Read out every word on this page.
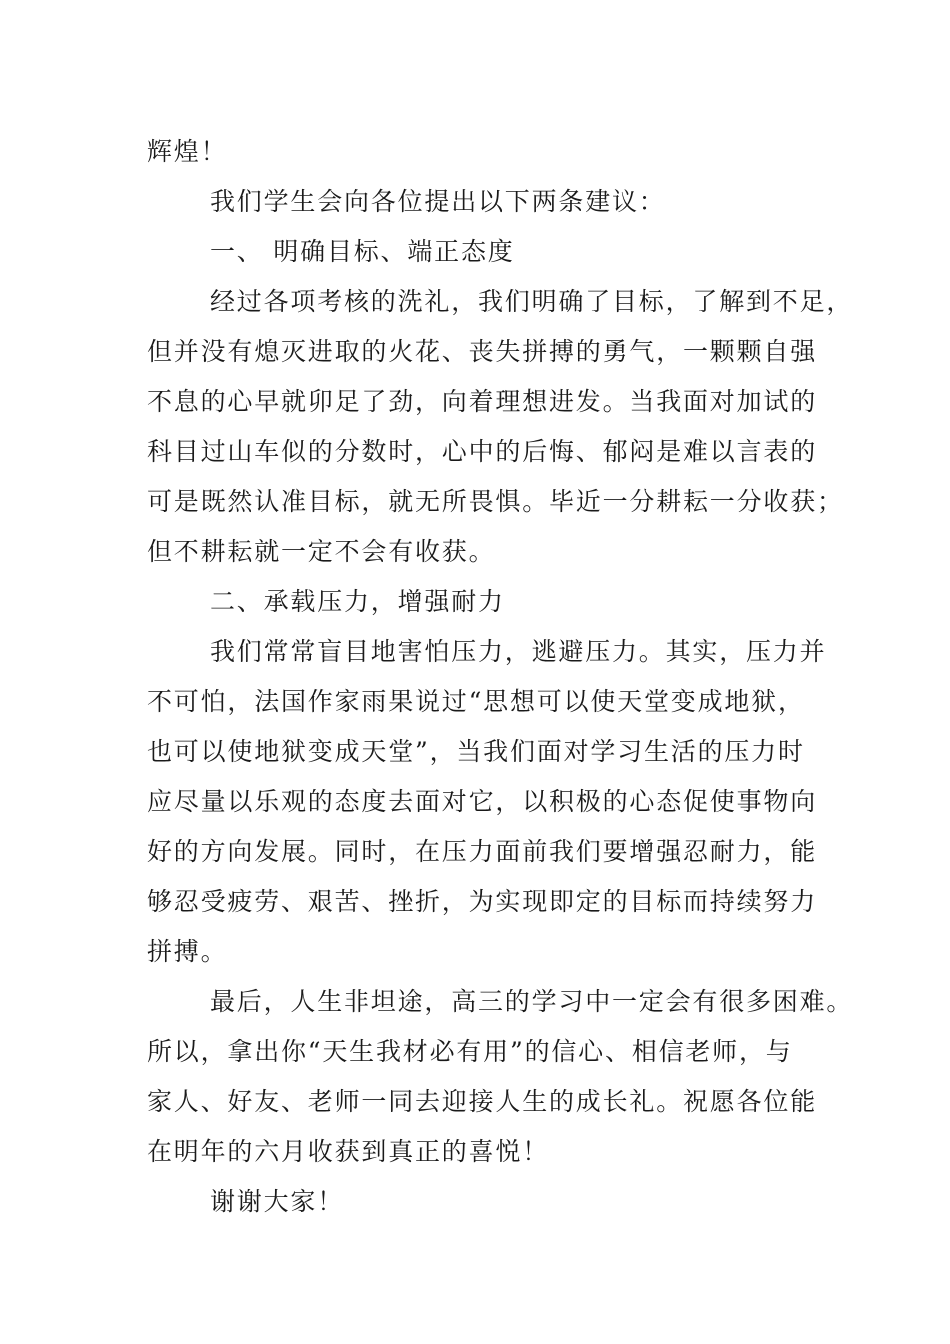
辉煌！
我们学生会向各位提出以下两条建议：
一、 明确目标、端正态度
经过各项考核的洗礼，我们明确了目标，了解到不足，
但并没有熄灭进取的火花、丧失拼搏的勇气，一颗颗自强
不息的心早就卯足了劲，向着理想进发。当我面对加试的
科目过山车似的分数时，心中的后悔、郁闷是难以言表的
可是既然认准目标，就无所畏惧。毕近一分耕耘一分收获；
但不耕耘就一定不会有收获。
二、承载压力，增强耐力
我们常常盲目地害怕压力，逃避压力。其实，压力并
不可怕，法国作家雨果说过“思想可以使天堂变成地狱，
也可以使地狱变成天堂”，当我们面对学习生活的压力时
应尽量以乐观的态度去面对它，以积极的心态促使事物向
好的方向发展。同时，在压力面前我们要增强忍耐力，能
够忍受疲劳、艰苦、挫折，为实现即定的目标而持续努力
拼搏。
最后，人生非坦途，高三的学习中一定会有很多困难。
所以，拿出你“天生我材必有用”的信心、相信老师，与
家人、好友、老师一同去迎接人生的成长礼。祝愿各位能
在明年的六月收获到真正的喜悦！
谢谢大家！
